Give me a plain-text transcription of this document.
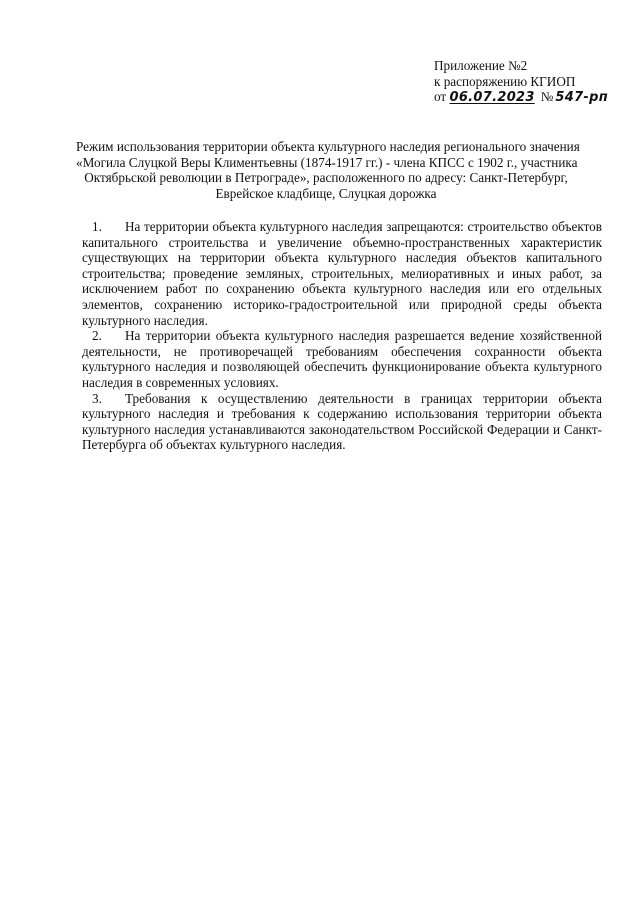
Приложение №2
к распоряжению КГИОП
от 06.07.2023 № 547-рп
Режим использования территории объекта культурного наследия регионального значения
«Могила Слуцкой Веры Климентьевны (1874-1917 гг.) - члена КПСС с 1902 г., участника
Октябрьской революции в Петрограде», расположенного по адресу: Санкт-Петербург,
Еврейское кладбище, Слуцкая дорожка

1. На территории объекта культурного наследия запрещаются: строительство объектов капитального строительства и увеличение объемно-пространственных характеристик существующих на территории объекта культурного наследия объектов капитального строительства; проведение земляных, строительных, мелиоративных и иных работ, за исключением работ по сохранению объекта культурного наследия или его отдельных элементов, сохранению историко-градостроительной или природной среды объекта культурного наследия.

2. На территории объекта культурного наследия разрешается ведение хозяйственной деятельности, не противоречащей требованиям обеспечения сохранности объекта культурного наследия и позволяющей обеспечить функционирование объекта культурного наследия в современных условиях.

3. Требования к осуществлению деятельности в границах территории объекта культурного наследия и требования к содержанию использования территории объекта культурного наследия устанавливаются законодательством Российской Федерации и Санкт-Петербурга об объектах культурного наследия.
